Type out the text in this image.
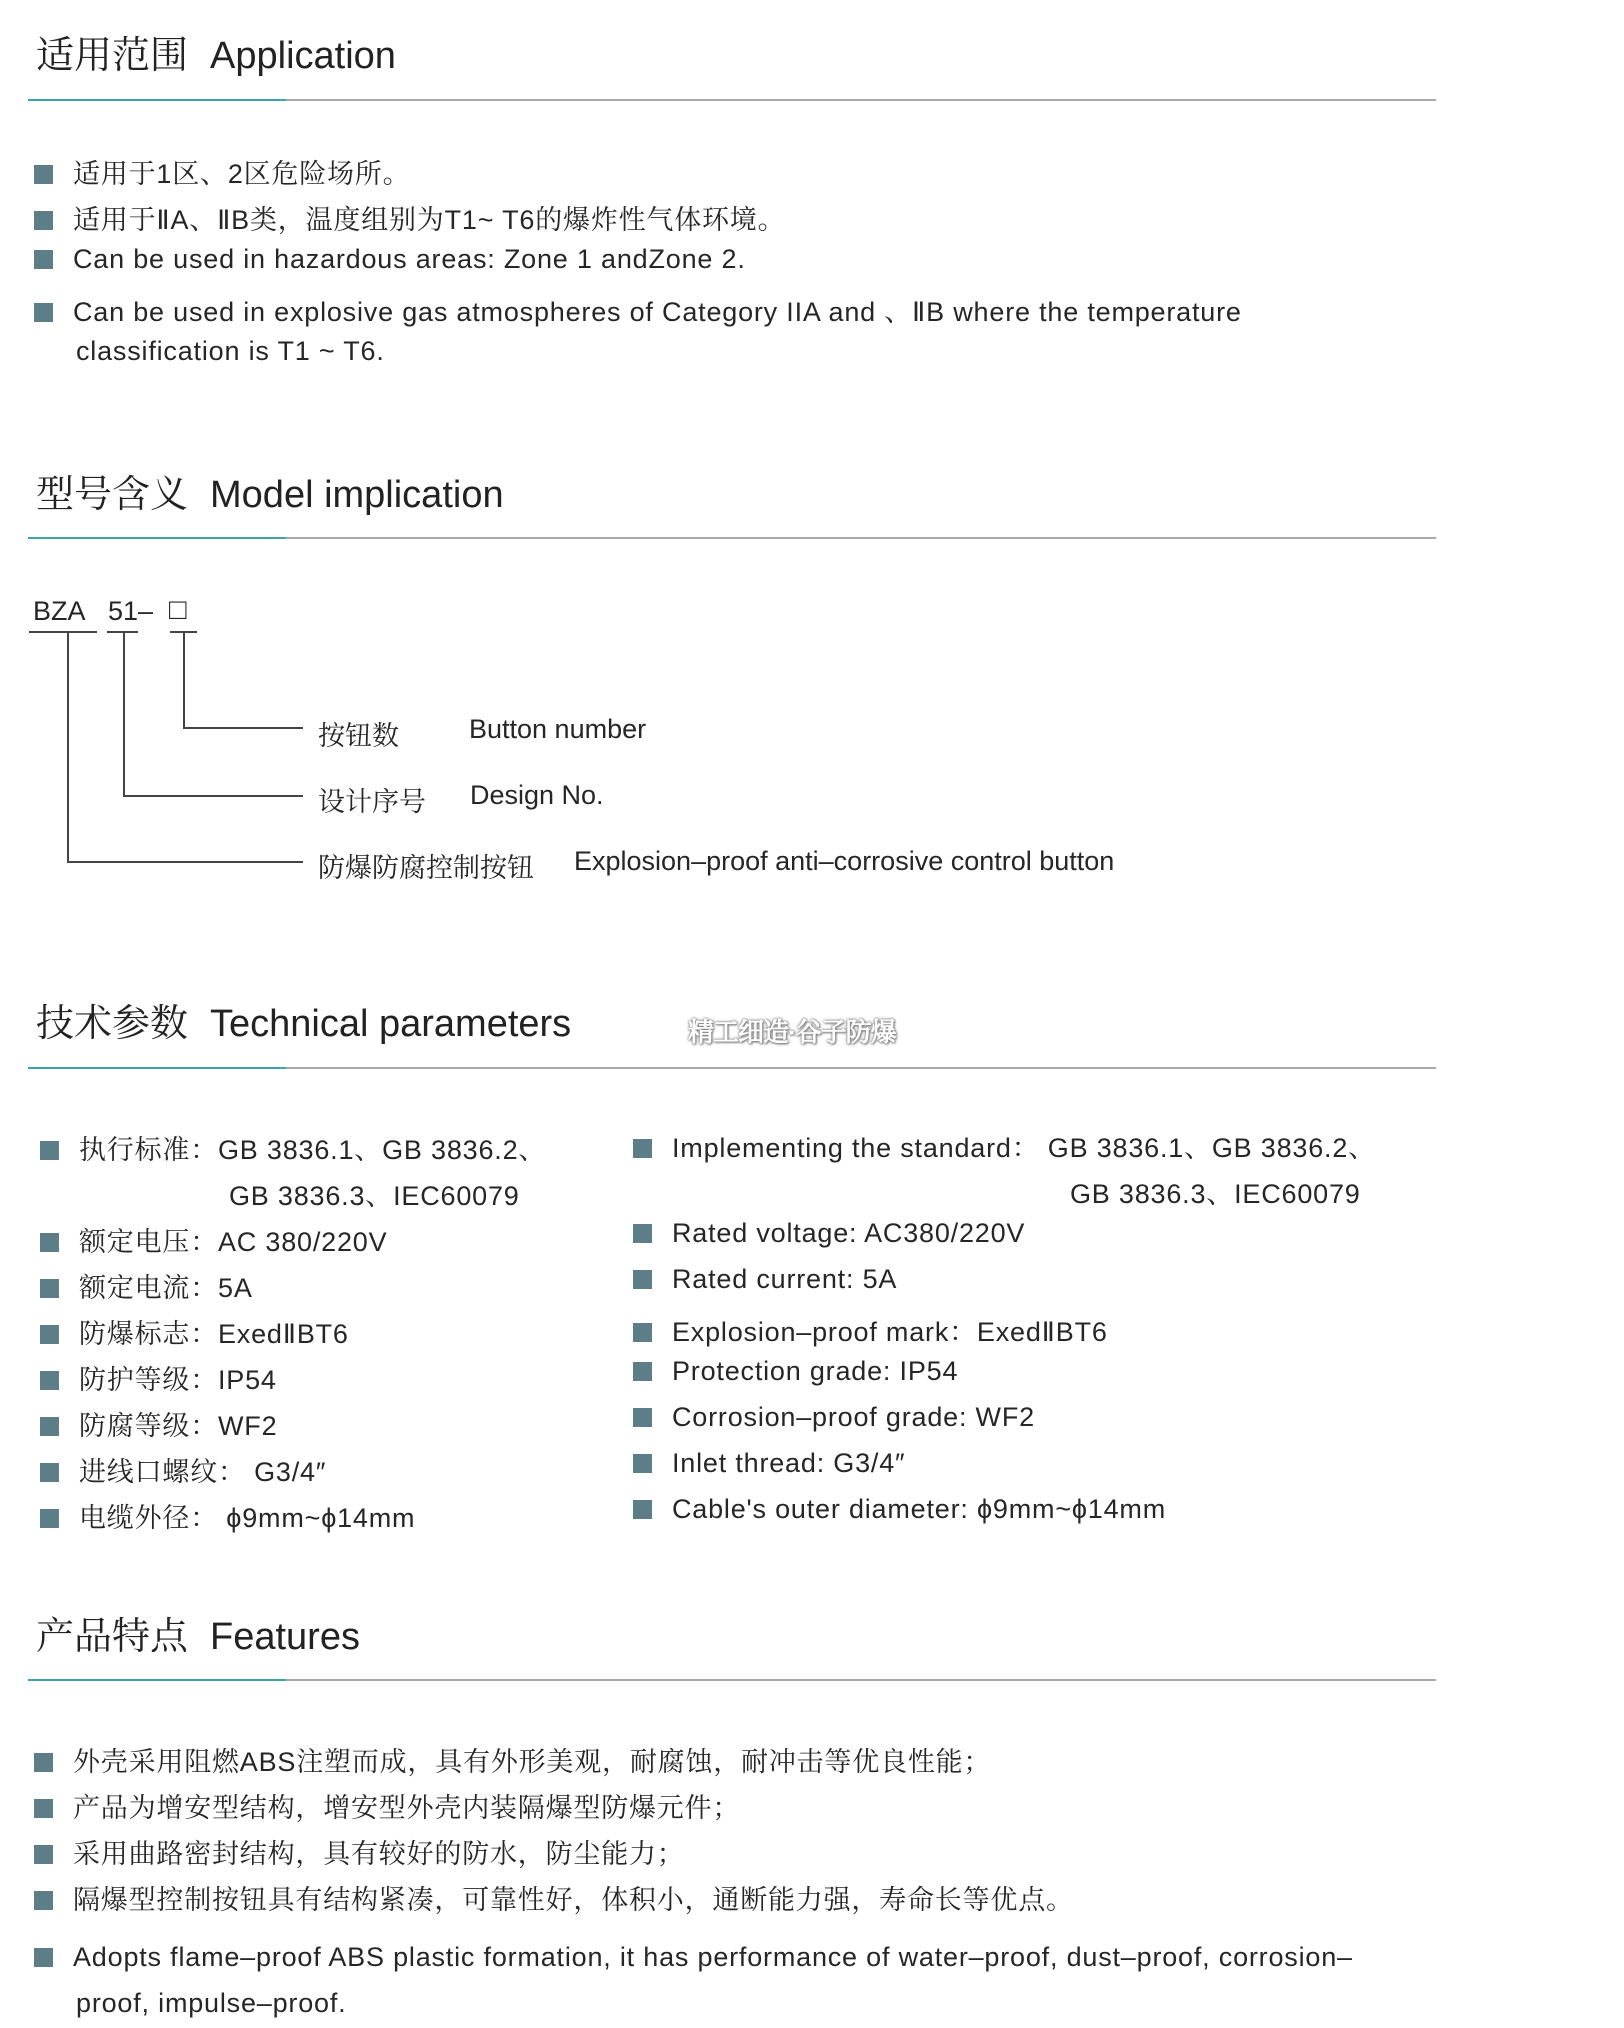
适用范围 Application
适用于1区、2区危险场所。
适用于ⅡA、ⅡB类，温度组别为T1~ T6的爆炸性气体环境。
Can be used in hazardous areas: Zone 1 andZone 2.
Can be used in explosive gas atmospheres of Category IIA and 、ⅡB where the temperature
classification is T1 ~ T6.
型号含义 Model implication
BZA 51– □
按钮数	Button number
设计序号 Design No.
防爆防腐控制按钮 Explosion–proof anti–corrosive control button
技术参数 Technical parameters	精工细造·谷子防爆
执行标准：GB 3836.1、GB 3836.2、
GB 3836.3、IEC60079
额定电压：AC 380/220V
额定电流：5A
防爆标志：ExedⅡBT6
防护等级：IP54
防腐等级：WF2
进线口螺纹： G3/4″
电缆外径： ϕ9mm~ϕ14mm
Implementing the standard： GB 3836.1、GB 3836.2、
GB 3836.3、IEC60079
Rated voltage: AC380/220V
Rated current: 5A
Explosion–proof mark：ExedⅡBT6
Protection grade: IP54
Corrosion–proof grade: WF2
Inlet thread: G3/4″
Cable's outer diameter: ϕ9mm~ϕ14mm
产品特点 Features
外壳采用阻燃ABS注塑而成，具有外形美观，耐腐蚀，耐冲击等优良性能；
产品为增安型结构，增安型外壳内装隔爆型防爆元件；
采用曲路密封结构，具有较好的防水，防尘能力；
隔爆型控制按钮具有结构紧凑，可靠性好，体积小，通断能力强，寿命长等优点。
Adopts flame–proof ABS plastic formation, it has performance of water–proof, dust–proof, corrosion–
proof, impulse–proof.
